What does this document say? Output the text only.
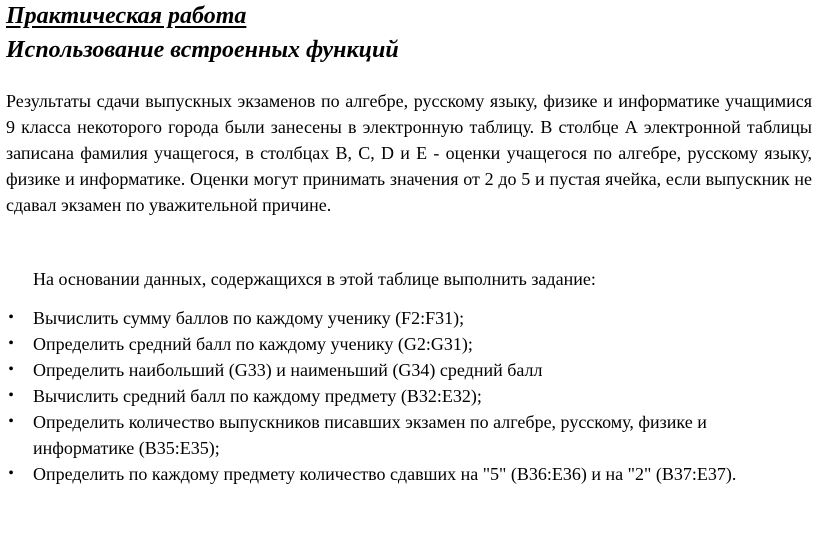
Практическая работа
Использование встроенных функций

Результаты сдачи выпускных экзаменов по алгебре, русскому языку, физике и информатике учащимися 9 класса некоторого города были занесены в электронную таблицу. В столбце А электронной таблицы записана фамилия учащегося, в столбцах B, C, D и E - оценки учащегося по алгебре, русскому языку, физике и информатике. Оценки могут принимать значения от 2 до 5 и пустая ячейка, если выпускник не сдавал экзамен по уважительной причине.

На основании данных, содержащихся в этой таблице выполнить задание:

• Вычислить сумму баллов по каждому ученику (F2:F31);
• Определить средний балл по каждому ученику (G2:G31);
• Определить наибольший (G33) и наименьший (G34) средний балл
• Вычислить средний балл по каждому предмету (B32:E32);
• Определить количество выпускников писавших экзамен по алгебре, русскому, физике и информатике (B35:E35);
• Определить по каждому предмету количество сдавших на "5" (B36:E36) и на "2" (B37:E37).
